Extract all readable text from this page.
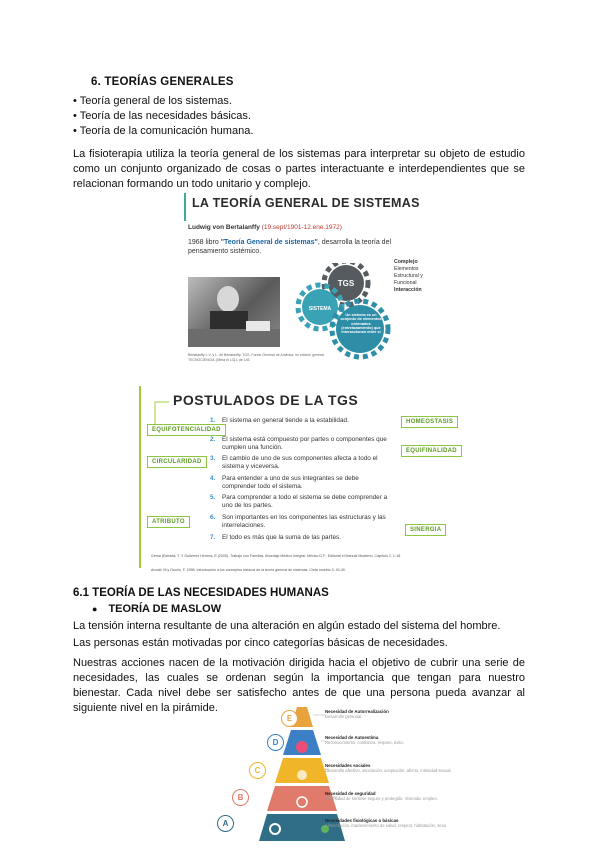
6. TEORÍAS GENERALES
• Teoría general de los sistemas.
• Teoría de las necesidades básicas.
• Teoría de la comunicación humana.
La fisioterapia utiliza la teoría general de los sistemas para interpretar su objeto de estudio como un conjunto organizado de cosas o partes interactuante e interdependientes que se relacionan formando un todo unitario y complejo.
LA TEORÍA GENERAL DE SISTEMAS
Ludwig von Bertalanffy (19.sept/1901-12.ene.1972)
1968 libro "Teoría General de sistemas", desarrolla la teoría del pensamiento sistémico.
Bertalanffy L.V. y L. de Bertalanffy. TGS. Fondo General de América, en edición general. TECNOCIENCIA. [Meta el 13]-1 de 145.
TGS
SISTEMA
Un sistema es un conjunto de elementos ordenados (entrelazamiento) que interaccionan entre sí
Complejo
Elementos
Estructural y
Funcional
Interacción
POSTULADOS DE LA TGS
EQUIFOTENCIALIDAD
CIRCULARIDAD
ATRIBUTO
HOMEOSTASIS
EQUIFINALIDAD
SINERGIA
1. El sistema en general tiende a la estabilidad.
2. El sistema está compuesto por partes o componentes que cumplen una función.
3. El cambio de uno de sus componentes afecta a todo el sistema y viceversa.
4. Para entender a uno de sus integrantes se debe comprender todo el sistema.
5. Para comprender a todo el sistema se debe comprender a uno de los partes.
6. Son importantes en los componentes las estructuras y las interrelaciones.
7. El todo es más que la suma de las partes.
Gema (Estrada, T. Y Gutiérrez Herrera, E.(2005). Trabajo con Familias. Abordaje Médico Integral. México D.F.: Editorial el Manual Moderno. Capítulo 2, 1-18.
Arnold, M.y Osorio, F. 1998. Introducción a los conceptos básicos de la teoría general de sistemas. Cinta moebio 3: 40-49.
6.1 TEORÍA DE LAS NECESIDADES HUMANAS
● TEORÍA DE MASLOW
La tensión interna resultante de una alteración en algún estado del sistema del hombre.
Las personas están motivadas por cinco categorías básicas de necesidades.
Nuestras acciones nacen de la motivación dirigida hacia el objetivo de cubrir una serie de necesidades, las cuales se ordenan según la importancia que tengan para nuestro bienestar. Cada nivel debe ser satisfecho antes de que una persona pueda avanzar al siguiente nivel en la pirámide.
E
D
C
B
A
Necesidad de Autorrealización
Desarrollo personal.
Necesidad de Autoestima
Reconocimiento, confianza, respeto, éxito.
Necesidades sociales
Desarrollo afectivo, asociación, aceptación, afecto, intimidad sexual.
Necesidad de seguridad
Necesidad de sentirse seguro y protegido. Vivienda, empleo.
Necesidades fisiológicas o básicas
Alimentación, mantenimiento de salud, respirar, hidratación, sexo.
